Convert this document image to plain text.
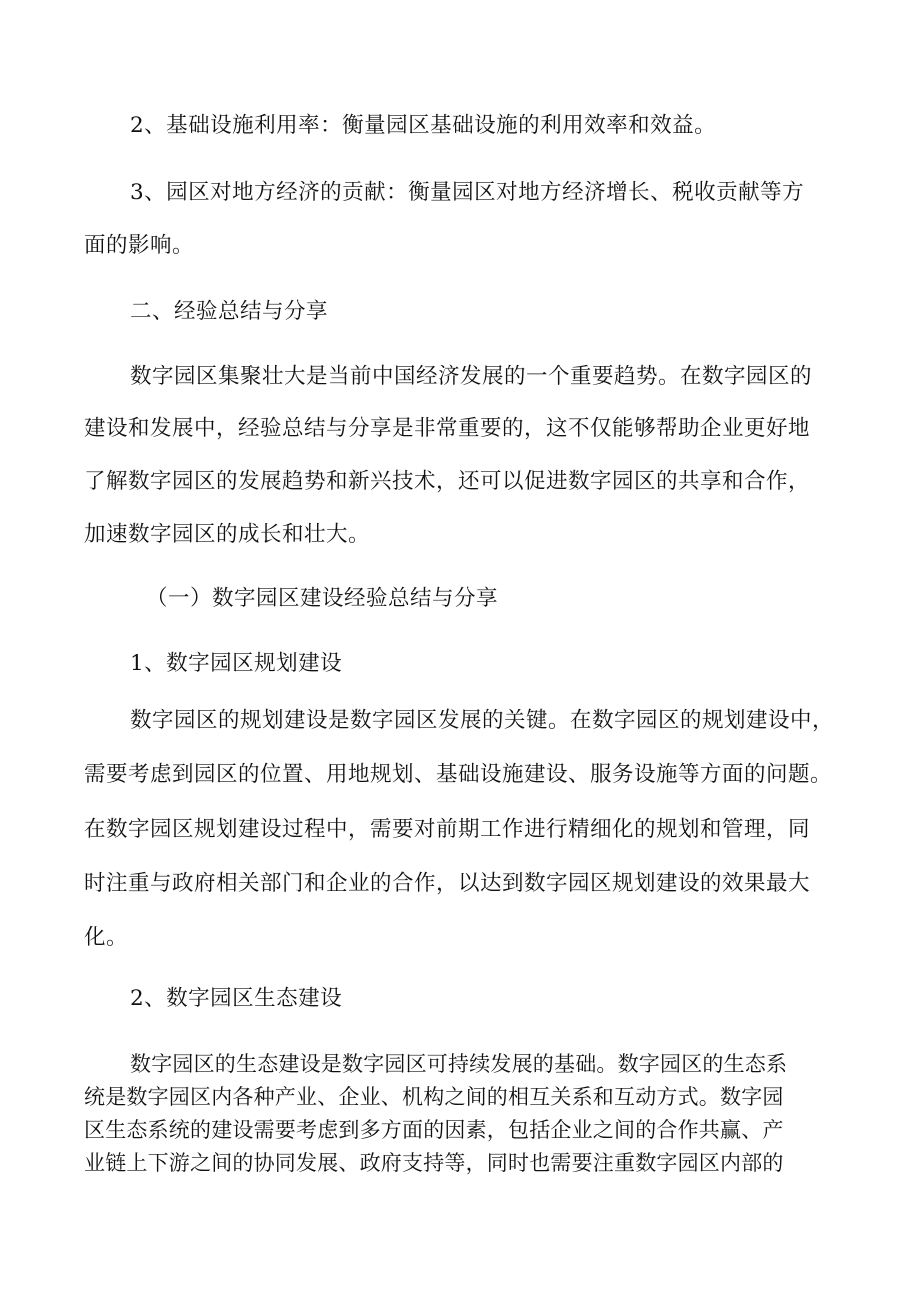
2、基础设施利用率：衡量园区基础设施的利用效率和效益。

3、园区对地方经济的贡献：衡量园区对地方经济增长、税收贡献等方

面的影响。

二、经验总结与分享

数字园区集聚壮大是当前中国经济发展的一个重要趋势。在数字园区的

建设和发展中，经验总结与分享是非常重要的，这不仅能够帮助企业更好地

了解数字园区的发展趋势和新兴技术，还可以促进数字园区的共享和合作，

加速数字园区的成长和壮大。

（一）数字园区建设经验总结与分享

1、数字园区规划建设

数字园区的规划建设是数字园区发展的关键。在数字园区的规划建设中，

需要考虑到园区的位置、用地规划、基础设施建设、服务设施等方面的问题。

在数字园区规划建设过程中，需要对前期工作进行精细化的规划和管理，同

时注重与政府相关部门和企业的合作，以达到数字园区规划建设的效果最大

化。

2、数字园区生态建设

数字园区的生态建设是数字园区可持续发展的基础。数字园区的生态系

统是数字园区内各种产业、企业、机构之间的相互关系和互动方式。数字园

区生态系统的建设需要考虑到多方面的因素，包括企业之间的合作共赢、产

业链上下游之间的协同发展、政府支持等，同时也需要注重数字园区内部的
